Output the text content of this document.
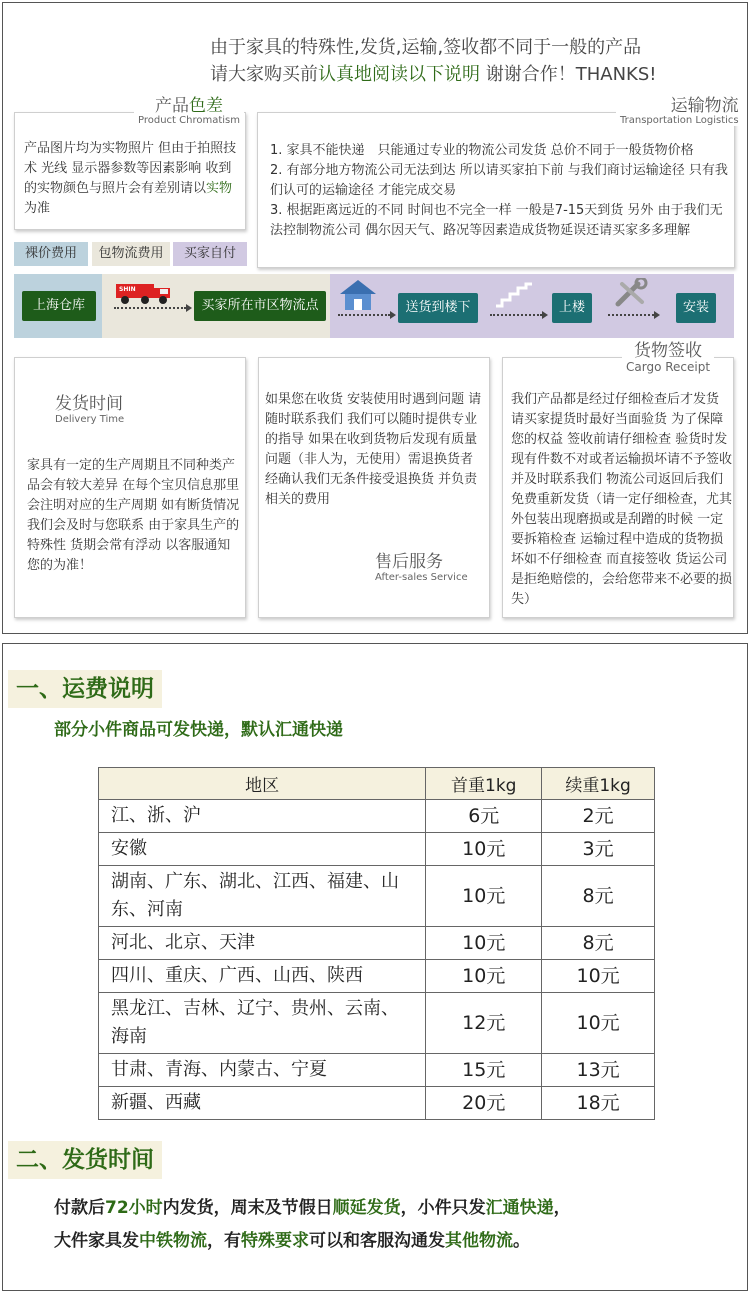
由于家具的特殊性,发货,运输,签收都不同于一般的产品
请大家购买前认真地阅读以下说明 谢谢合作！THANKS!
产品图片均为实物照片 但由于拍照技术 光线 显示器参数等因素影响 收到的实物颜色与照片会有差别请以实物为准
产品色差
Product Chromatism
1. 家具不能快递　只能通过专业的物流公司发货 总价不同于一般货物价格
2. 有部分地方物流公司无法到达 所以请买家拍下前 与我们商讨运输途径 只有我们认可的运输途径 才能完成交易
3. 根据距离远近的不同 时间也不完全一样 一般是7-15天到货 另外 由于我们无法控制物流公司 偶尔因天气、路况等因素造成货物延误还请买家多多理解
运输物流
Transportation Logistics
裸价费用	包物流费用	买家自付
上海仓库
SHIN
买家所在市区物流点	送货到楼下	上楼	安装
发货时间
Delivery Time
家具有一定的生产周期且不同种类产品会有较大差异 在每个宝贝信息那里会注明对应的生产周期 如有断货情况我们会及时与您联系 由于家具生产的特殊性 货期会常有浮动 以客服通知您的为准！
如果您在收货 安装使用时遇到问题 请随时联系我们 我们可以随时提供专业的指导 如果在收到货物后发现有质量问题（非人为，无使用）需退换货者 经确认我们无条件接受退换货 并负责相关的费用
售后服务
After-sales Service
我们产品都是经过仔细检查后才发货 请买家提货时最好当面验货 为了保障您的权益 签收前请仔细检查 验货时发现有件数不对或者运输损坏请不予签收并及时联系我们 物流公司返回后我们免费重新发货（请一定仔细检查，尤其外包装出现磨损或是刮蹭的时候 一定要拆箱检查 运输过程中造成的货物损坏如不仔细检查 而直接签收 货运公司是拒绝赔偿的，会给您带来不必要的损失）
货物签收
Cargo Receipt
一、运费说明
部分小件商品可发快递，默认汇通快递
地区	首重1kg	续重1kg
江、浙、沪	6元	2元
安徽	10元	3元
湖南、广东、湖北、江西、福建、山东、河南	10元	8元
河北、北京、天津	10元	8元
四川、重庆、广西、山西、陕西	10元	10元
黑龙江、吉林、辽宁、贵州、云南、海南	12元	10元
甘肃、青海、内蒙古、宁夏	15元	13元
新疆、西藏	20元	18元
二、发货时间
付款后72小时内发货，周末及节假日顺延发货，小件只发汇通快递，
大件家具发中铁物流，有特殊要求可以和客服沟通发其他物流。
